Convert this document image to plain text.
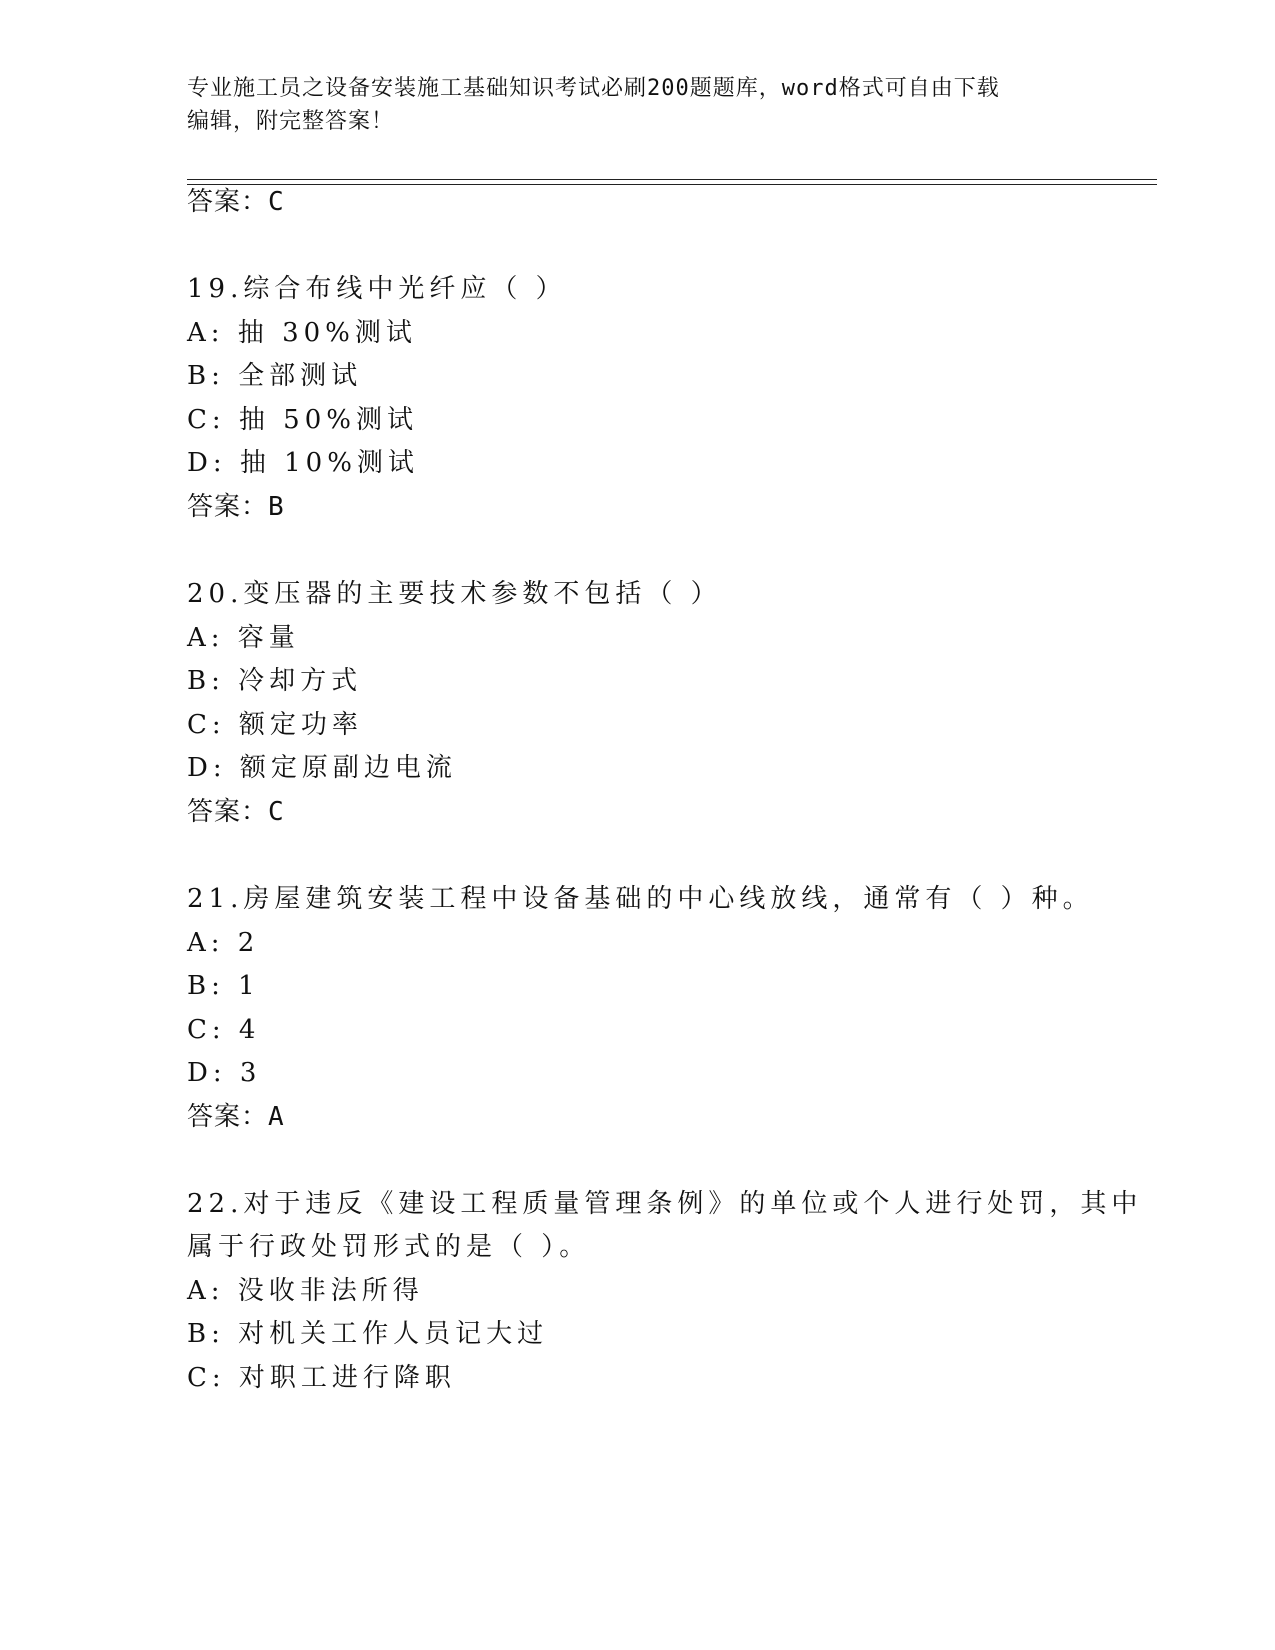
专业施工员之设备安装施工基础知识考试必刷200题题库，word格式可自由下载
编辑，附完整答案！
答案：C
19.综合布线中光纤应（ ）
A: 抽 30%测试
B: 全部测试
C: 抽 50%测试
D: 抽 10%测试
答案：B
20.变压器的主要技术参数不包括（ ）
A: 容量
B: 冷却方式
C: 额定功率
D: 额定原副边电流
答案：C
21.房屋建筑安装工程中设备基础的中心线放线，通常有（ ）种。
A: 2
B: 1
C: 4
D: 3
答案：A
22.对于违反《建设工程质量管理条例》的单位或个人进行处罚，其中
属于行政处罚形式的是（ ）。
A: 没收非法所得
B: 对机关工作人员记大过
C: 对职工进行降职
